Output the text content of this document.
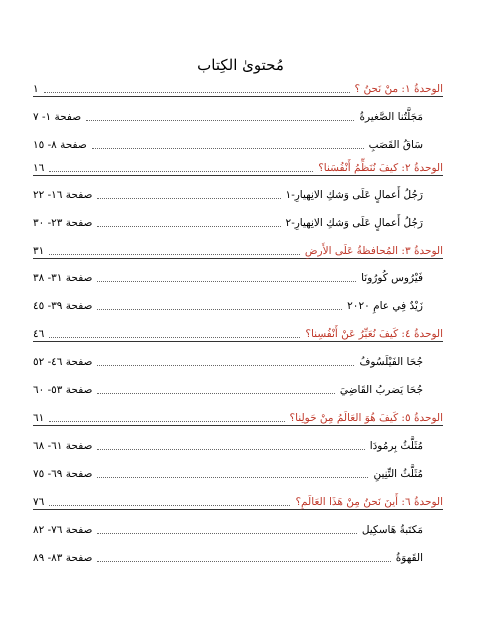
مُحتوىٰ الكِتاب
الوحدةُ ١: منْ نَحنُ ؟
١
مَجَلَّتُنا الصَّغيرةُ
صفحة ١- ٧
سَاقُ القَصَبِ
صفحة ٨- ١٥
الوحدةُ ٢: كيفَ نُنَظِّمُ أَنْفُسَنا؟
١٦
رَجُلُ أَعمالٍ عَلَى وَشكِ الانِهيارِ-١
صفحة ١٦- ٢٢
رَجُلُ أَعمالٍ عَلَى وَشكِ الانِهيارِ-٢
صفحة ٢٣- ٣٠
الوحدةُ ٣: المُحافظةُ عَلَى الأَرضِ
٣١
فَيْرُوس كُورُونَا
صفحة ٣١- ٣٨
زَيْدٌ فِي عامِ ٢٠٢٠
صفحة ٣٩- ٤٥
الوحدةُ ٤: كَيفَ نُعَبِّرُ عَنْ أَنْفُسِنا؟
٤٦
جُحَا الفَيْلَسُوفُ
صفحة ٤٦- ٥٢
جُحَا يَضربُ القَاضِيَ
صفحة ٥٣- ٦٠
الوحدةُ ٥: كَيفَ هُوَ العَالَمُ مِنْ حَولِنا؟
٦١
مُثَلَّثُ بِرمُودَا
صفحة ٦١- ٦٨
مُثَلَّثُ التِّنِينِ
صفحة ٦٩- ٧٥
الوحدةُ ٦: أَينَ نَحنُ مِنْ هَذَا العَالَمِ؟
٧٦
مَكتَبةُ هَاسكِيل
صفحة ٧٦- ٨٢
القَهوَةُ
صفحة ٨٣- ٨٩
